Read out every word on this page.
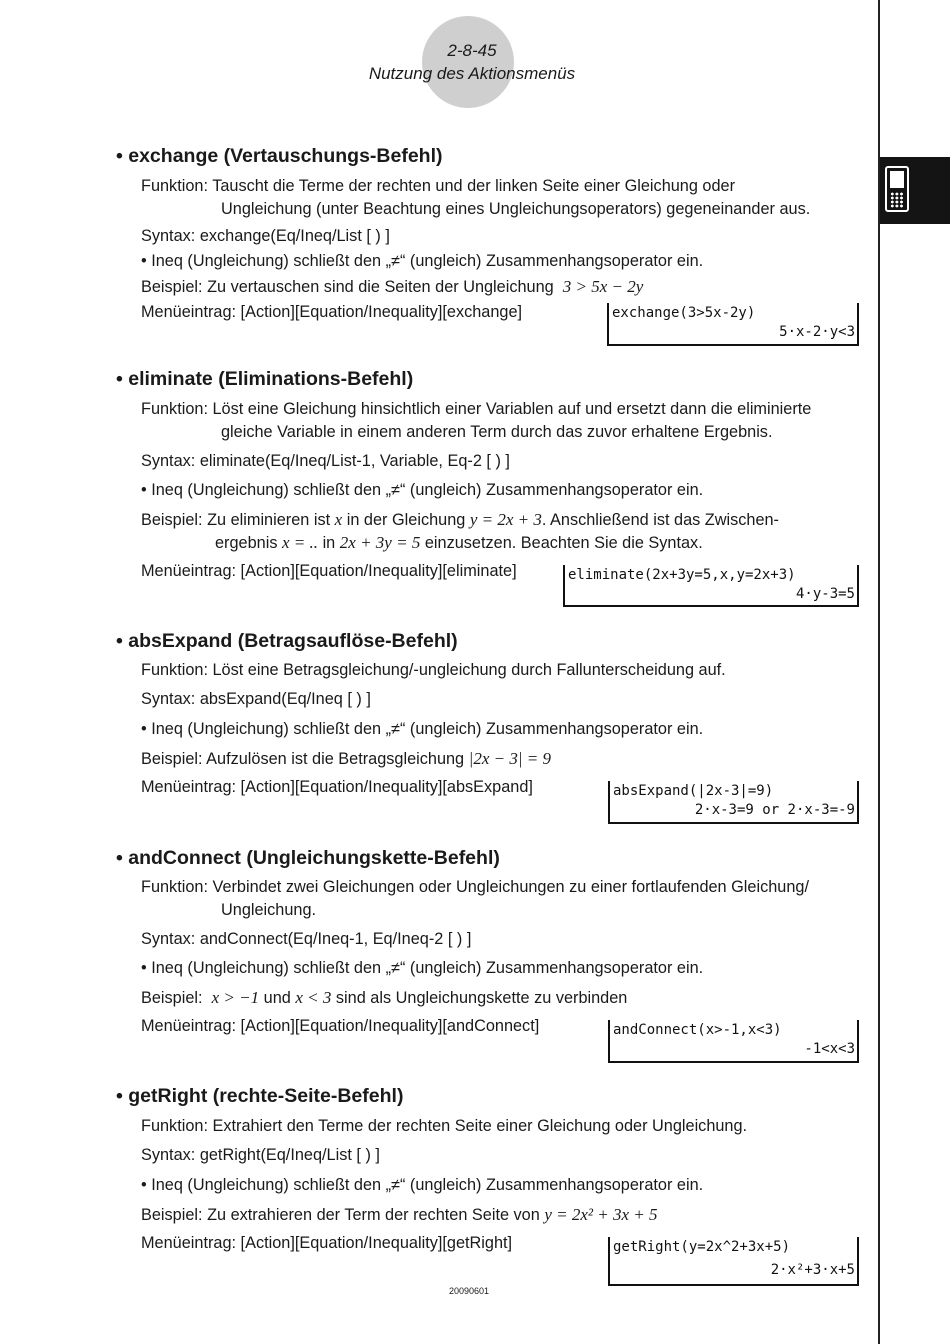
2-8-45
Nutzung des Aktionsmenüs
• exchange (Vertauschungs-Befehl)
Funktion: Tauscht die Terme der rechten und der linken Seite einer Gleichung oder
Ungleichung (unter Beachtung eines Ungleichungsoperators) gegeneinander aus.
Syntax: exchange(Eq/Ineq/List [ ) ]
• Ineq (Ungleichung) schließt den „≠“ (ungleich) Zusammenhangsoperator ein.
Beispiel: Zu vertauschen sind die Seiten der Ungleichung 3 > 5x − 2y
Menüeintrag: [Action][Equation/Inequality][exchange]	exchange(3>5x-2y)
5·x-2·y<3
• eliminate (Eliminations-Befehl)
Funktion: Löst eine Gleichung hinsichtlich einer Variablen auf und ersetzt dann die eliminierte
gleiche Variable in einem anderen Term durch das zuvor erhaltene Ergebnis.
Syntax: eliminate(Eq/Ineq/List-1, Variable, Eq-2 [ ) ]
• Ineq (Ungleichung) schließt den „≠“ (ungleich) Zusammenhangsoperator ein.
Beispiel: Zu eliminieren ist x in der Gleichung y = 2x + 3. Anschließend ist das Zwischen-
ergebnis x = .. in 2x + 3y = 5 einzusetzen. Beachten Sie die Syntax.
Menüeintrag: [Action][Equation/Inequality][eliminate]	eliminate(2x+3y=5,x,y=2x+3)
4·y-3=5
• absExpand (Betragsauflöse-Befehl)
Funktion: Löst eine Betragsgleichung/-ungleichung durch Fallunterscheidung auf.
Syntax: absExpand(Eq/Ineq [ ) ]
• Ineq (Ungleichung) schließt den „≠“ (ungleich) Zusammenhangsoperator ein.
Beispiel: Aufzulösen ist die Betragsgleichung |2x − 3| = 9
Menüeintrag: [Action][Equation/Inequality][absExpand]	absExpand(|2x-3|=9)
2·x-3=9 or 2·x-3=-9
• andConnect (Ungleichungskette-Befehl)
Funktion: Verbindet zwei Gleichungen oder Ungleichungen zu einer fortlaufenden Gleichung/
Ungleichung.
Syntax: andConnect(Eq/Ineq-1, Eq/Ineq-2 [ ) ]
• Ineq (Ungleichung) schließt den „≠“ (ungleich) Zusammenhangsoperator ein.
Beispiel: x > −1 und x < 3 sind als Ungleichungskette zu verbinden
Menüeintrag: [Action][Equation/Inequality][andConnect]	andConnect(x>-1,x<3)
-1<x<3
• getRight (rechte-Seite-Befehl)
Funktion: Extrahiert den Terme der rechten Seite einer Gleichung oder Ungleichung.
Syntax: getRight(Eq/Ineq/List [ ) ]
• Ineq (Ungleichung) schließt den „≠“ (ungleich) Zusammenhangsoperator ein.
Beispiel: Zu extrahieren der Term der rechten Seite von y = 2x² + 3x + 5
Menüeintrag: [Action][Equation/Inequality][getRight]	getRight(y=2x^2+3x+5)
2·x²+3·x+5
20090601
